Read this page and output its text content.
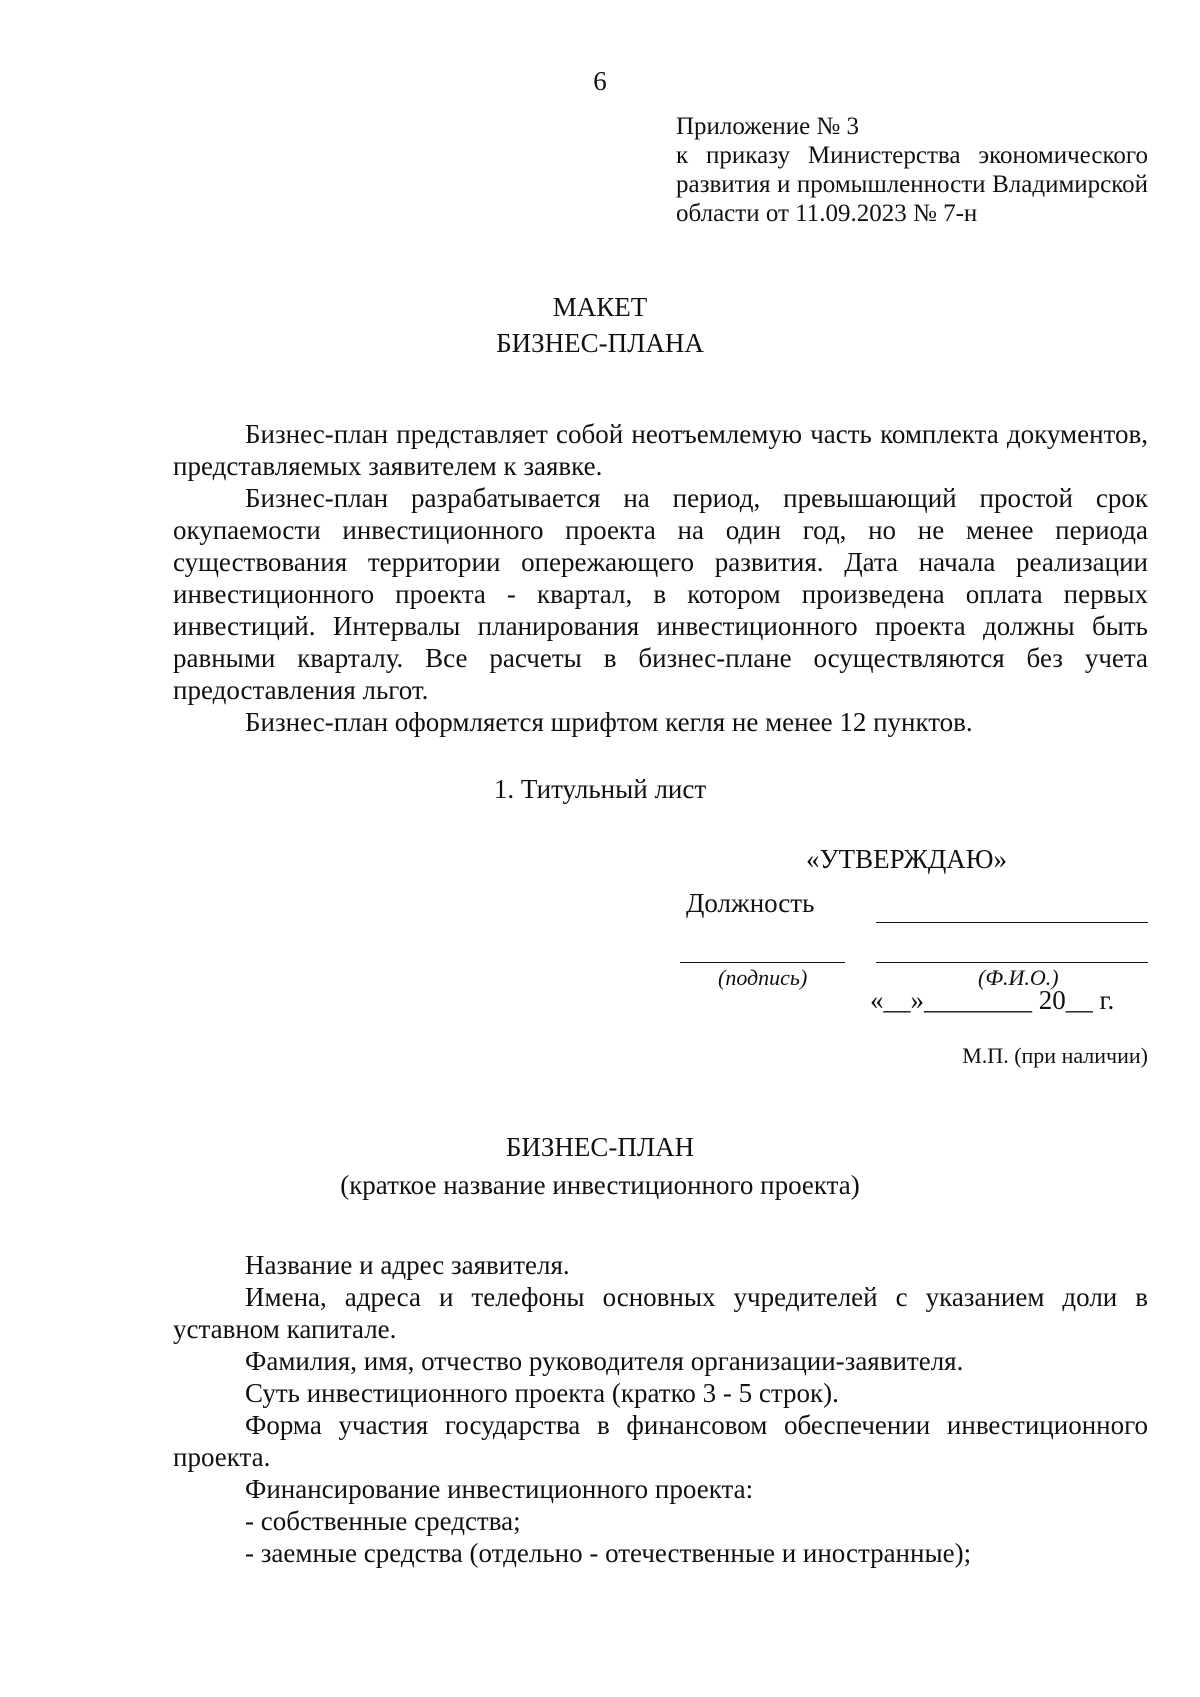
6
Приложение № 3
к приказу Министерства экономического
развития и промышленности Владимирской
области от 11.09.2023 № 7-н
МАКЕТ
БИЗНЕС-ПЛАНА

Бизнес-план представляет собой неотъемлемую часть комплекта документов, представляемых заявителем к заявке.

Бизнес-план разрабатывается на период, превышающий простой срок окупаемости инвестиционного проекта на один год, но не менее периода существования территории опережающего развития. Дата начала реализации инвестиционного проекта - квартал, в котором произведена оплата первых инвестиций. Интервалы планирования инвестиционного проекта должны быть равными кварталу. Все расчеты в бизнес-плане осуществляются без учета предоставления льгот.

Бизнес-план оформляется шрифтом кегля не менее 12 пунктов.

1. Титульный лист
«УТВЕРЖДАЮ»
Должность
(подпись)	(Ф.И.О.)
«__»________ 20__ г.
М.П. (при наличии)
БИЗНЕС-ПЛАН
(краткое название инвестиционного проекта)

Название и адрес заявителя.

Имена, адреса и телефоны основных учредителей с указанием доли в уставном капитале.

Фамилия, имя, отчество руководителя организации-заявителя.

Суть инвестиционного проекта (кратко 3 - 5 строк).

Форма участия государства в финансовом обеспечении инвестиционного проекта.

Финансирование инвестиционного проекта:

- собственные средства;

- заемные средства (отдельно - отечественные и иностранные);
